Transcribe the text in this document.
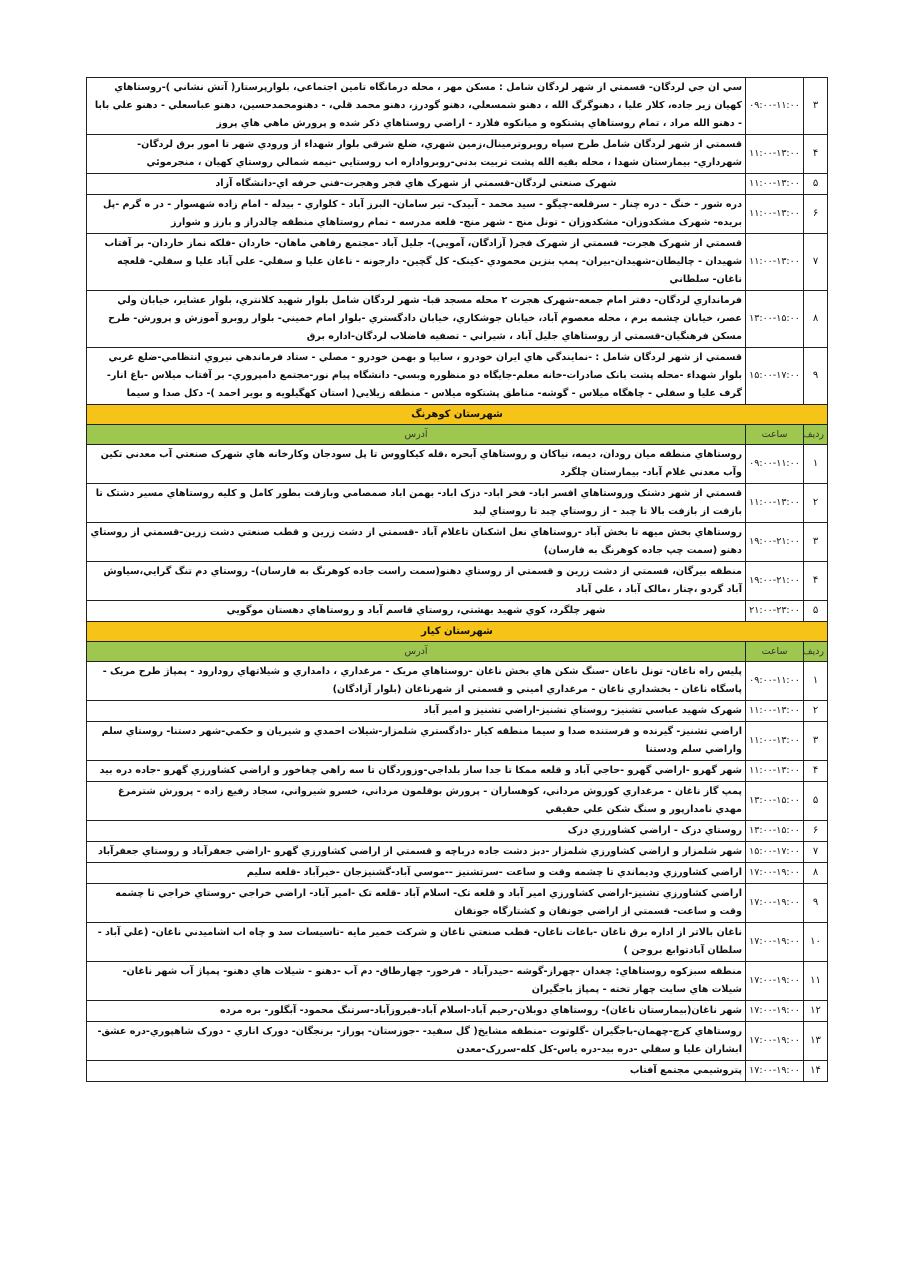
۳	۰۹:۰۰-۱۱:۰۰	سي ان جي لردگان- قسمتي از شهر لردگان شامل : مسكن مهر ، محله درمانگاه تامين اجتماعي، بلوارپرستار( آتش نشاني )-روستاهاي كهيان زير جاده، كلار عليا ، دهنوگرگ الله ، دهنو شمسعلي، دهنو گودرز، دهنو محمد قلي، - دهنومحمدحسين، دهنو عباسعلي - دهنو علي بابا - دهنو الله مراد ، تمام روستاهاي پشتكوه و ميانكوه فلارد - اراضي روستاهاي ذكر شده و پرورش ماهي هاي پروز
۴	۱۱:۰۰-۱۳:۰۰	قسمتي از شهر لردگان شامل طرح سپاه روبروترمينال،زمين شهري، ضلع شرقي بلوار شهداء از ورودي شهر تا امور برق لردگان- شهرداري- بيمارستان شهدا ، محله بقيه الله پشت تربيت بدني-روبرواداره اب روستايي -نيمه شمالي روستاي كهيان ، منجرموئي
۵	۱۱:۰۰-۱۳:۰۰	شهرک صنعتي لردگان-قسمتي از شهرک هاي فجر وهجرت-فني حرفه اي-دانشگاه آزاد
۶	۱۱:۰۰-۱۳:۰۰	دره شور - خنگ - دره چنار - سرقلعه-چيگو - سيد محمد - آبيدک- تير سامان- البرز آباد - كلواري - بيدله - امام زاده شهسوار - در ه گرم -پل بريده- شهرک مشكدوزان- مشكدوزان - تونل منج - شهر منج- قلعه مدرسه - تمام روستاهاي منطقه چالدراز و بارز و شوارز
۷	۱۱:۰۰-۱۳:۰۰	قسمتي از شهرک هجرت- قسمتي از شهرک فجر( آزادگان، آمويي)- جليل آباد -مجتمع رفاهي ماهان- خاردان -فلكه نماز خاردان- بر آفتاب شهيدان - چاليطان-شهيدان-بيران- پمپ بنزين محمودي -كينک- كل گچين- دارجونه - ناغان عليا و سفلي- علي آباد عليا و سفلي- قلعچه ناغان- سلطاني
۸	۱۳:۰۰-۱۵:۰۰	فرمانداري لردگان- دفتر امام جمعه-شهرک هجرت ۲ محله مسجد قبا- شهر لردگان شامل بلوار شهيد كلانتري، بلوار عشاير، خيابان ولي عصر، خيابان چشمه برم ، محله معصوم آباد، خيابان جوشكاري، خيابان دادگستري -بلوار امام خميني- بلوار روبرو آموزش و پرورش- طرح مسكن فرهنگيان-قسمتي از روستاهاي جليل آباد ، شيراني - تصفيه فاضلاب لردگان-اداره برق
۹	۱۵:۰۰-۱۷:۰۰	قسمتي از شهر لردگان شامل : -نمايندگي هاي ايران خودرو ، سايپا و بهمن خودرو - مصلي - ستاد فرماندهي نيروي انتظامي-ضلع غربي بلوار شهداء -محله پشت بانک صادرات-خانه معلم-جايگاه دو منظوره وبسي- دانشگاه پيام نور-مجتمع دامپروري- بر آفتاب ميلاس -باغ انار-گرف عليا و سفلي - چاهگاه ميلاس - گوشه- مناطق پشتكوه ميلاس - منطقه زيلايي( استان كهگيلويه و بوير احمد )- دكل صدا و سيما
شهرستان كوهرنگ		
رديف	ساعت	آدرس
۱	۰۹:۰۰-۱۱:۰۰	روستاهاي منطقه ميان رودان، ديمه، نياكان و روستاهاي آبحره ،قله كيكاووس تا پل سودجان وكارخانه هاي شهرک صنعتي آب معدني تكين وآب معدني غلام آباد- بيمارستان چلگرد
۲	۱۱:۰۰-۱۳:۰۰	قسمتي از شهر دشتک وروستاهاي افسر اباد- فخر اباد- دزک اباد- بهمن اباد صمصامي وبازفت بطور كامل و كليه روستاهاي مسير دشتک تا بازفت از بازفت بالا تا چبد - از روستاي چبد تا روستاي لبد
۳	۱۹:۰۰-۲۱:۰۰	روستاهاي بخش ميهه تا بخش آباد -روستاهاي نعل اشكنان تاغلام آباد -قسمتي از دشت زرين و قطب صنعتي دشت زرين-قسمتي از روستاي دهنو (سمت چپ جاده كوهرنگ به فارسان)
۴	۱۹:۰۰-۲۱:۰۰	منطقه بيرگان، قسمتي از دشت زرين و قسمتي از روستاي دهنو(سمت راست جاده كوهرنگ به فارسان)- روستاي دم تنگ گرايي،سياوش آباد گردو ،چنار ،مالک آباد ، علي آباد
۵	۲۱:۰۰-۲۳:۰۰	شهر چلگرد، كوي شهيد بهشتي، روستاي قاسم آباد و روستاهاي دهستان موگويي
شهرستان كيار		
رديف	ساعت	آدرس
۱	۰۹:۰۰-۱۱:۰۰	پليس راه ناغان- تونل ناغان -سنگ شكن هاي بخش ناغان -روستاهاي مريک - مرغداري ، دامداري و شيلاتهاي رودارود - پمپاژ طرح مريک - پاسگاه ناغان - بخشداري ناغان - مرغداري اميني و قسمتي از شهرناغان (بلوار آزادگان)
۲	۱۱:۰۰-۱۳:۰۰	شهرک شهيد عباسي تشنيز- روستاي تشنيز-اراضي تشنيز و امير آباد
۳	۱۱:۰۰-۱۳:۰۰	اراضي تشنيز- گيرنده و فرستنده صدا و سيما منطقه كيار -دادگستري شلمزار-شيلات احمدي و شيريان و حكمي-شهر دستنا- روستاي سلم واراضي سلم ودستنا
۴	۱۱:۰۰-۱۳:۰۰	شهر گهرو -اراضي گهرو -حاجي آباد و قلعه ممكا تا جدا ساز بلداجي-وزوردگان تا سه راهي چغاخور و اراضي كشاورزي گهرو -جاده دره بيد
۵	۱۳:۰۰-۱۵:۰۰	پمپ گاز ناغان - مرغداري كوروش مرداني، كوهساران - پرورش بوقلمون مرداني، خسرو شيرواني، سجاد رفيع زاده - پرورش شترمرغ مهدي نامدارپور و سنگ شكن علي حقيقي
۶	۱۳:۰۰-۱۵:۰۰	روستاي دزک - اراضي كشاورزي دزک
۷	۱۵:۰۰-۱۷:۰۰	شهر شلمزار و اراضي كشاورزي شلمزار -دبز دشت جاده درباچه و قسمتي از اراضي كشاورزي گهرو -اراضي جعفرآباد و روستاي جعفرآباد
۸	۱۷:۰۰-۱۹:۰۰	اراضي كشاورزي وديماندي تا چشمه وقت و ساعت -سرتشنيز --موسي آباد-گشنيزجان -خيرآباد -قلعه سليم
۹	۱۷:۰۰-۱۹:۰۰	اراضي كشاورزي تشنيز-اراضي كشاورزي امير آباد و قلعه تک- اسلام آباد -قلعه تک -امير آباد- اراضي خراجي -روستاي خراجي تا چشمه وقت و ساعت- قسمتي از اراضي جونقان و كشتارگاه جونقان
۱۰	۱۷:۰۰-۱۹:۰۰	ناغان بالاتر از اداره برق ناغان -باغات ناغان- قطب صنعتي ناغان و شركت خمير مايه -تاسيسات سد و چاه اب اشاميدني ناغان- (علي آباد - سلطان آبادتوابع بروجن )
۱۱	۱۷:۰۰-۱۹:۰۰	منطقه سبزكوه روستاهاي: چغدان -چهراز-گوشه -حيدرآباد - فرخور- چهارطاق- دم آب -دهنو - شيلات هاي دهنو- پمپاژ آب شهر ناغان- شيلات هاي سايت چهار تخته - پمپاژ باجگيران
۱۲	۱۷:۰۰-۱۹:۰۰	شهر ناغان(بيمارستان ناغان)- روستاهاي دوبلان-رحيم آباد-اسلام آباد-فيروزآباد-سرتنگ محمود- آبگلور- بره مرده
۱۳	۱۷:۰۰-۱۹:۰۰	روستاهاي كرچ-چهمان-باجگيران -گلوتوت -منطقه مشايخ( گل سفيد- -جوزستان- پوراز- برنجگان- دورک اناري - دورک شاهپوري-دره عشق- ابشاران عليا و سفلي -دره بيد-دره ياس-كل كله-سررک-معدن
۱۴	۱۷:۰۰-۱۹:۰۰	پتروشيمي مجتمع آفتاب
